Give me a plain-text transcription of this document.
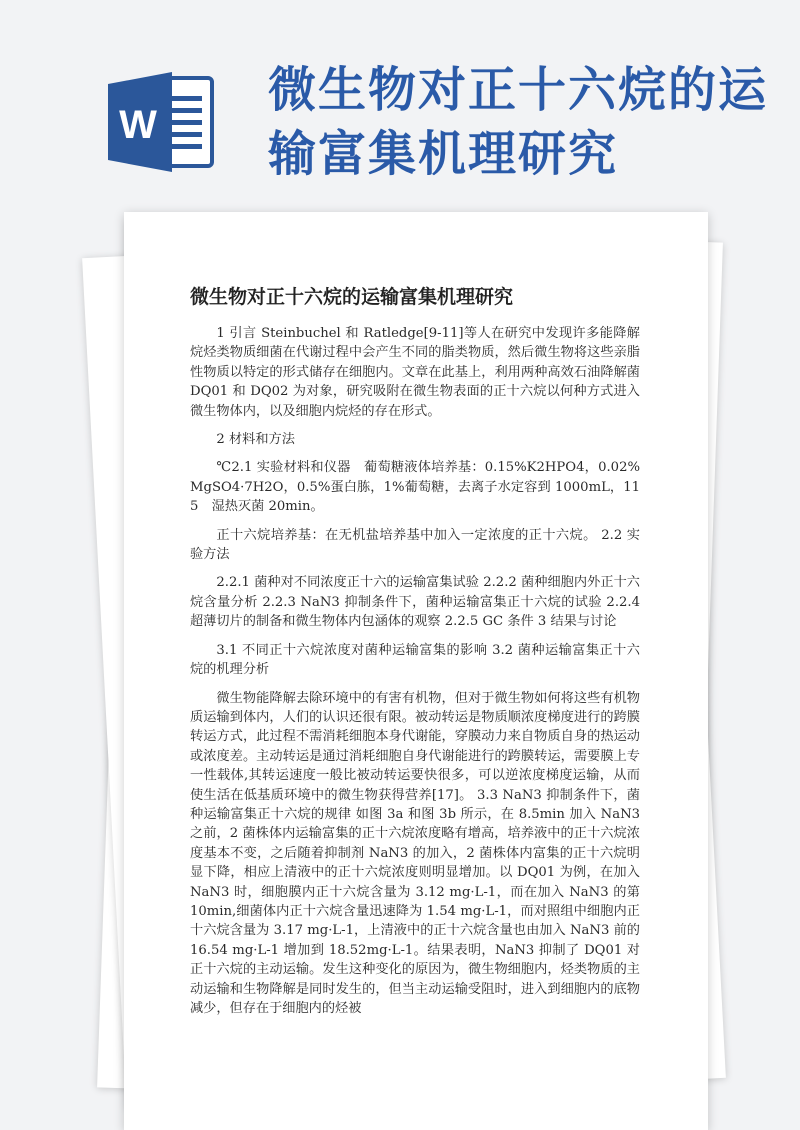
微生物对正十六烷的运输富集机理研究
W
微生物对正十六烷的运输富集机理研究

1 引言 Steinbuchel 和 Ratledge[9-11]等人在研究中发现许多能降解烷烃类物质细菌在代谢过程中会产生不同的脂类物质，然后微生物将这些亲脂性物质以特定的形式储存在细胞内。文章在此基上，利用两种高效石油降解菌 DQ01 和 DQ02 为对象，研究吸附在微生物表面的正十六烷以何种方式进入微生物体内，以及细胞内烷烃的存在形式。

2 材料和方法

℃2.1 实验材料和仪器　葡萄糖液体培养基：0.15%K2HPO4，0.02%MgSO4·7H2O，0.5%蛋白胨，1%葡萄糖，去离子水定容到 1000mL，115　湿热灭菌 20min。

正十六烷培养基：在无机盐培养基中加入一定浓度的正十六烷。 2.2 实验方法

2.2.1 菌种对不同浓度正十六的运输富集试验 2.2.2 菌种细胞内外正十六烷含量分析 2.2.3 NaN3 抑制条件下，菌种运输富集正十六烷的试验 2.2.4 超薄切片的制备和微生物体内包涵体的观察 2.2.5 GC 条件 3 结果与讨论

3.1 不同正十六烷浓度对菌种运输富集的影响 3.2 菌种运输富集正十六烷的机理分析

微生物能降解去除环境中的有害有机物，但对于微生物如何将这些有机物质运输到体内，人们的认识还很有限。被动转运是物质顺浓度梯度进行的跨膜转运方式，此过程不需消耗细胞本身代谢能，穿膜动力来自物质自身的热运动或浓度差。主动转运是通过消耗细胞自身代谢能进行的跨膜转运，需要膜上专一性载体,其转运速度一般比被动转运要快很多，可以逆浓度梯度运输，从而使生活在低基质环境中的微生物获得营养[17]。 3.3 NaN3 抑制条件下，菌种运输富集正十六烷的规律 如图 3a 和图 3b 所示，在 8.5min 加入 NaN3 之前，2 菌株体内运输富集的正十六烷浓度略有增高，培养液中的正十六烷浓度基本不变，之后随着抑制剂 NaN3 的加入，2 菌株体内富集的正十六烷明显下降，相应上清液中的正十六烷浓度则明显增加。以 DQ01 为例，在加入 NaN3 时，细胞膜内正十六烷含量为 3.12 mg·L-1，而在加入 NaN3 的第 10min,细菌体内正十六烷含量迅速降为 1.54 mg·L-1，而对照组中细胞内正十六烷含量为 3.17 mg·L-1，上清液中的正十六烷含量也由加入 NaN3 前的 16.54 mg·L-1 增加到 18.52mg·L-1。结果表明，NaN3 抑制了 DQ01 对正十六烷的主动运输。发生这种变化的原因为，微生物细胞内，烃类物质的主动运输和生物降解是同时发生的，但当主动运输受阻时，进入到细胞内的底物减少，但存在于细胞内的烃被
